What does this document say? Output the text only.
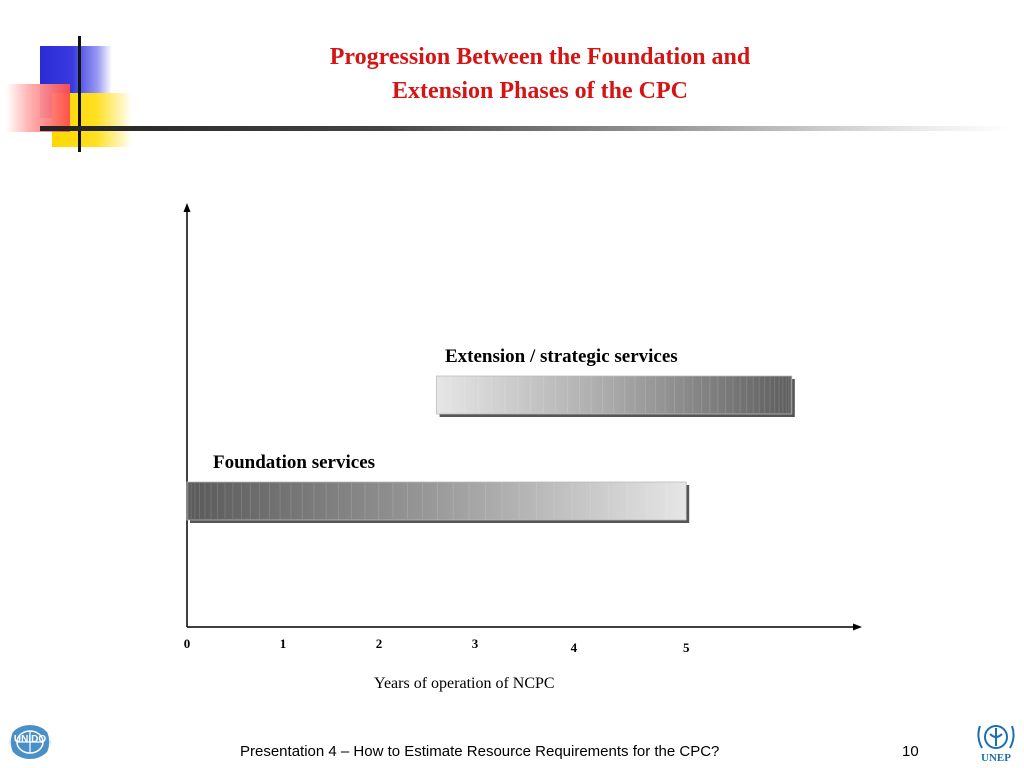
Progression Between the Foundation and
Extension Phases of the CPC
0	1	2	3	4	5
Years of operation of NCPC
Foundation services
Extension / strategic services
UNIDO
Presentation 4 – How to Estimate Resource Requirements for the CPC?	10	UNEP
